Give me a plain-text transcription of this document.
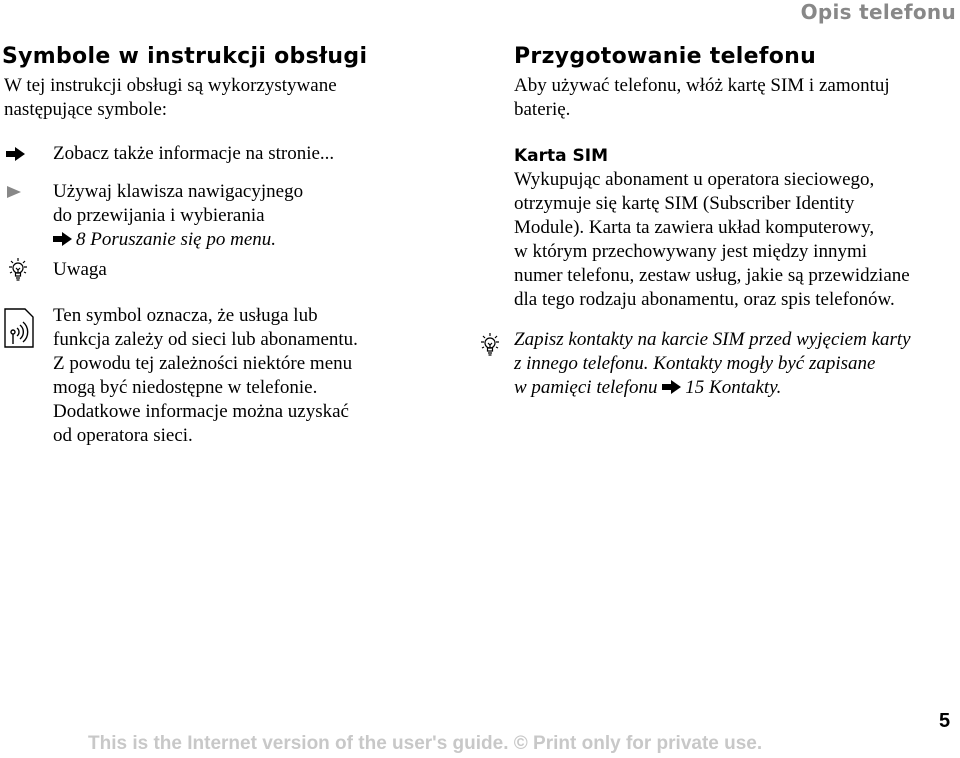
Opis telefonu
Symbole w instrukcji obsługi
W tej instrukcji obsługi są wykorzystywane
następujące symbole:
Zobacz także informacje na stronie...
Używaj klawisza nawigacyjnego
do przewijania i wybierania
8 Poruszanie się po menu.
Uwaga
Ten symbol oznacza, że usługa lub
funkcja zależy od sieci lub abonamentu.
Z powodu tej zależności niektóre menu
mogą być niedostępne w telefonie.
Dodatkowe informacje można uzyskać
od operatora sieci.
Przygotowanie telefonu
Aby używać telefonu, włóż kartę SIM i zamontuj
baterię.
Karta SIM
Wykupując abonament u operatora sieciowego,
otrzymuje się kartę SIM (Subscriber Identity
Module). Karta ta zawiera układ komputerowy,
w którym przechowywany jest między innymi
numer telefonu, zestaw usług, jakie są przewidziane
dla tego rodzaju abonamentu, oraz spis telefonów.
Zapisz kontakty na karcie SIM przed wyjęciem karty
z innego telefonu. Kontakty mogły być zapisane
w pamięci telefonu 15 Kontakty.
This is the Internet version of the user's guide. © Print only for private use.
5
